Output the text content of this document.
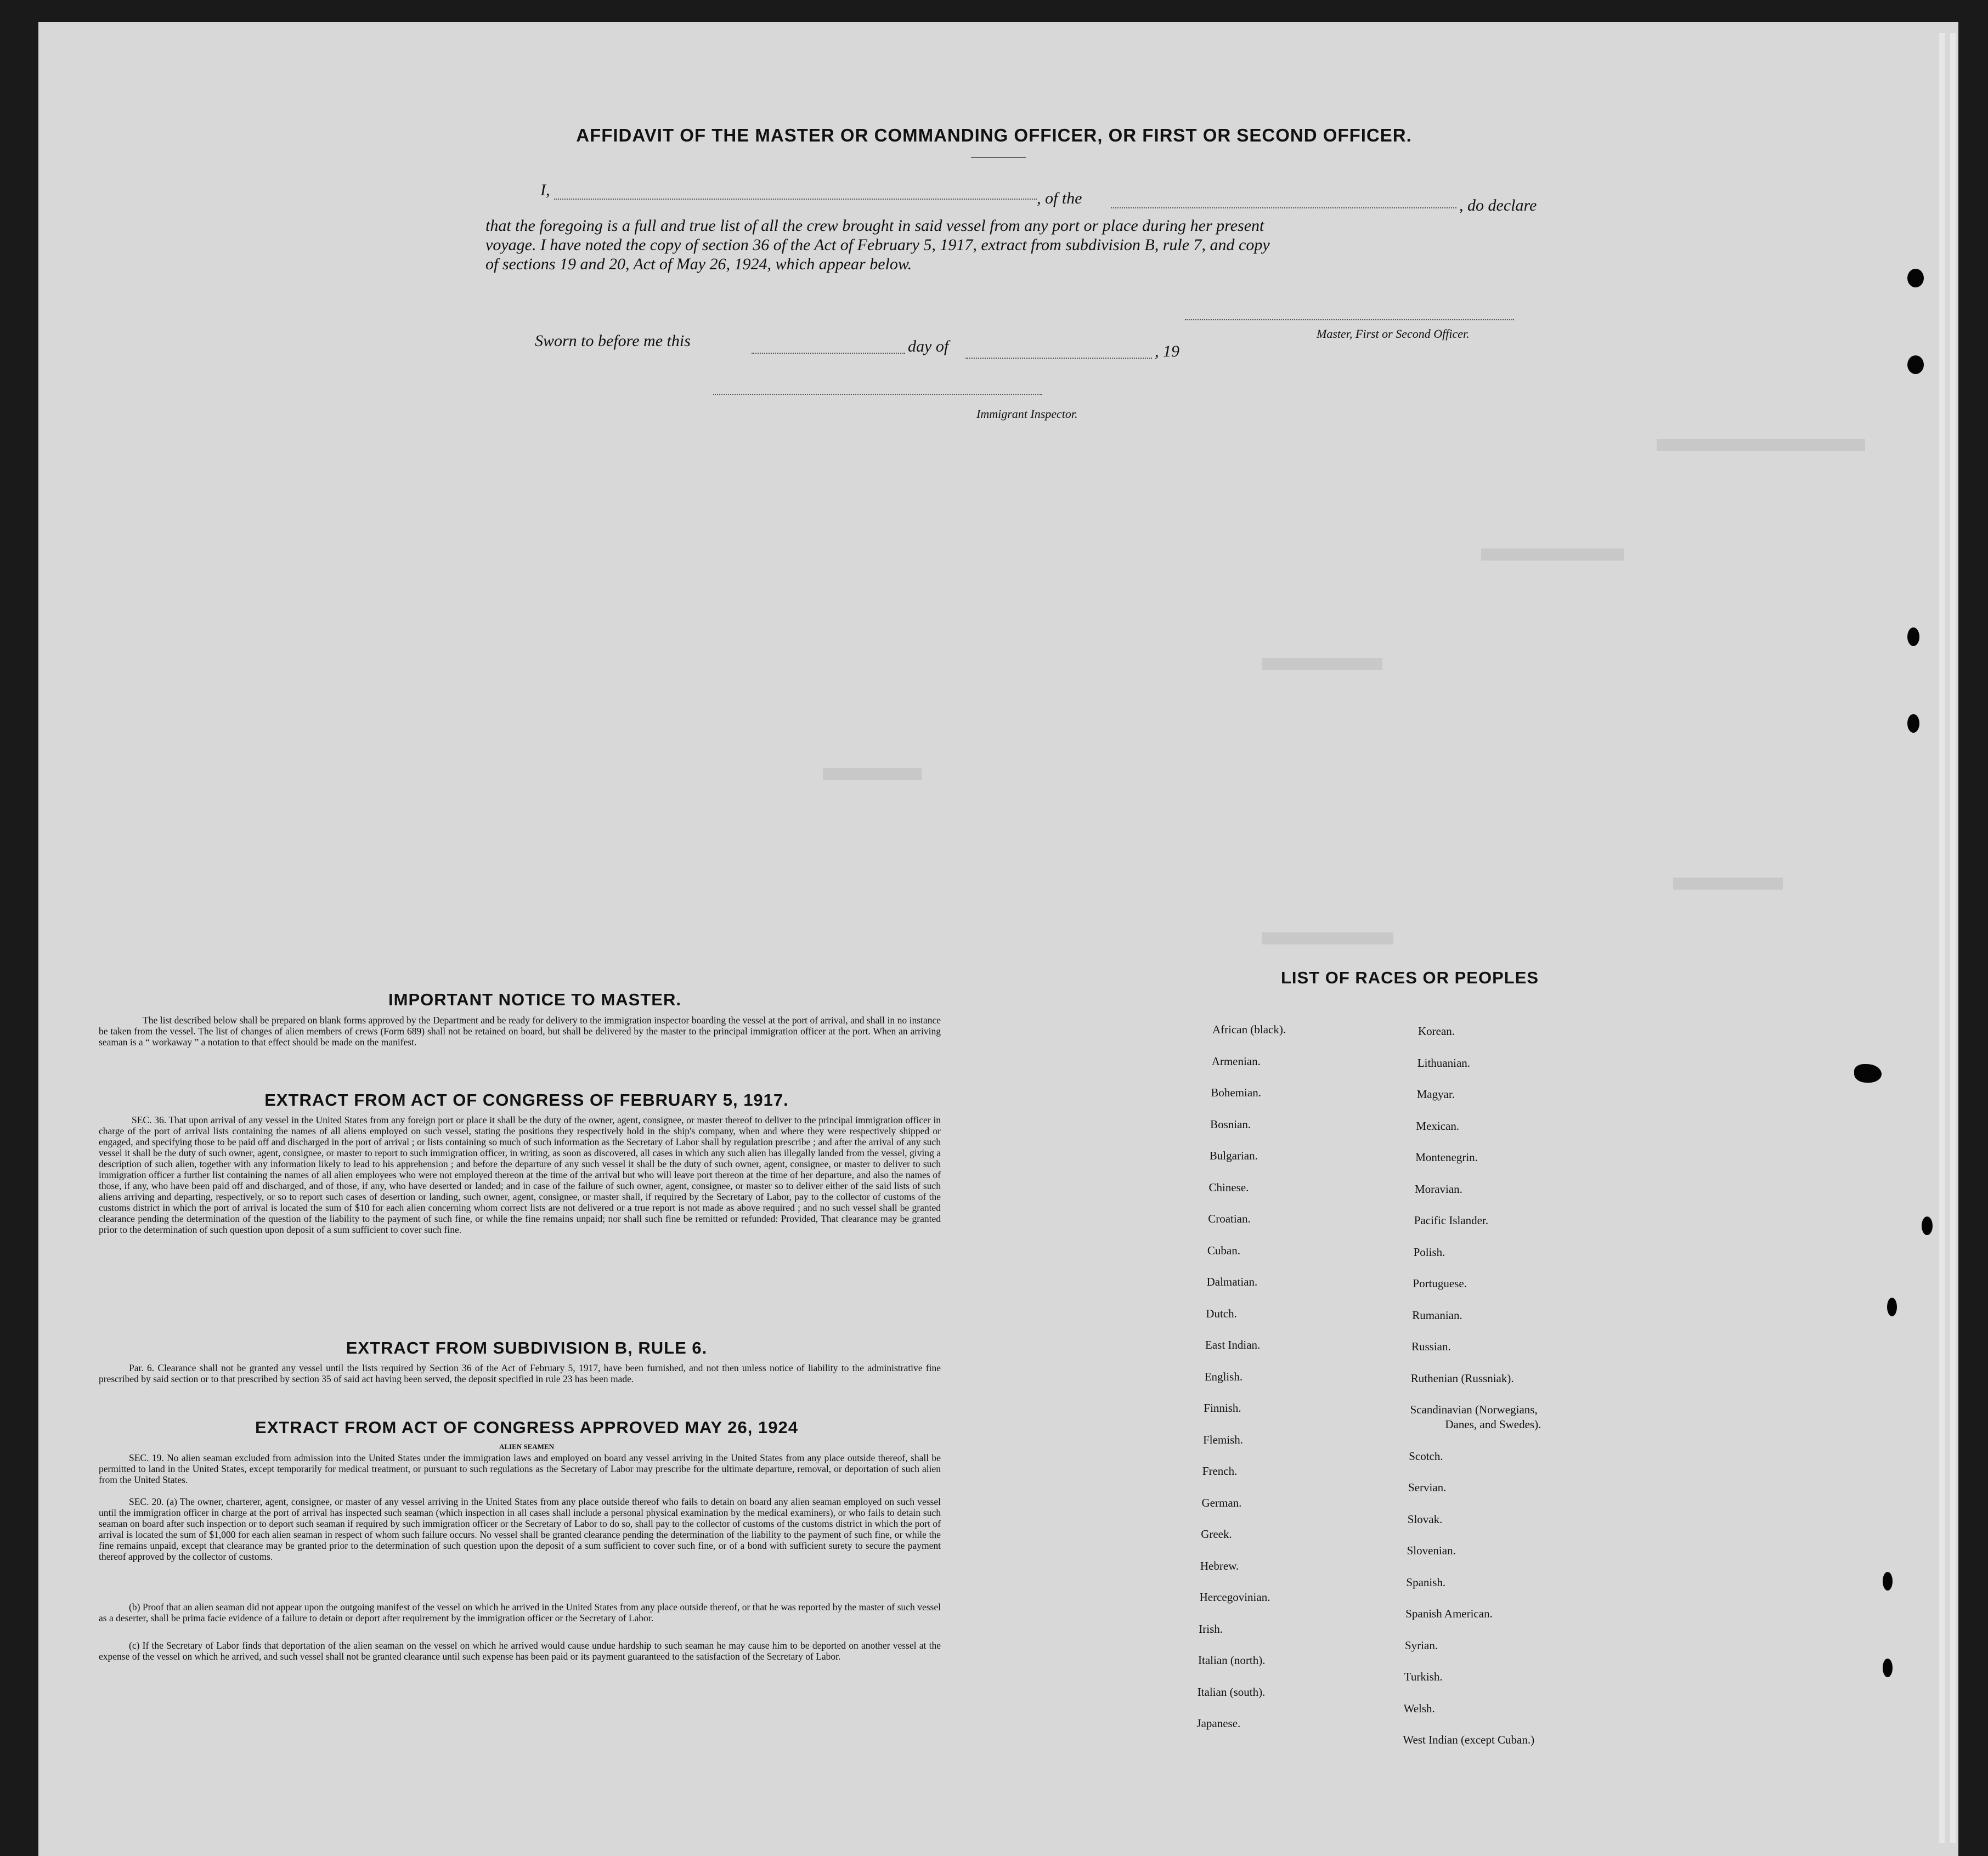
AFFIDAVIT OF THE MASTER OR COMMANDING OFFICER, OR FIRST OR SECOND OFFICER.
I,	, of the	, do declare
that the foregoing is a full and true list of all the crew brought in said vessel from any port or place during her present
voyage. I have noted the copy of section 36 of the Act of February 5, 1917, extract from subdivision B, rule 7, and copy
of sections 19 and 20, Act of May 26, 1924, which appear below.
Master, First or Second Officer.
Sworn to before me this	day of	, 19
Immigrant Inspector.
IMPORTANT NOTICE TO MASTER.
The list described below shall be prepared on blank forms approved by the Department and be ready for delivery to the immigration inspector boarding the vessel at the port of arrival, and shall in no instance be taken from the vessel. The list of changes of alien members of crews (Form 689) shall not be retained on board, but shall be delivered by the master to the principal immigration officer at the port. When an arriving seaman is a “ workaway ” a notation to that effect should be made on the manifest.
EXTRACT FROM ACT OF CONGRESS OF FEBRUARY 5, 1917.
SEC. 36. That upon arrival of any vessel in the United States from any foreign port or place it shall be the duty of the owner, agent, consignee, or master thereof to deliver to the principal immigration officer in charge of the port of arrival lists containing the names of all aliens employed on such vessel, stating the positions they respectively hold in the ship's company, when and where they were respectively shipped or engaged, and specifying those to be paid off and discharged in the port of arrival ; or lists containing so much of such information as the Secretary of Labor shall by regulation prescribe ; and after the arrival of any such vessel it shall be the duty of such owner, agent, consignee, or master to report to such immigration officer, in writing, as soon as discovered, all cases in which any such alien has illegally landed from the vessel, giving a description of such alien, together with any information likely to lead to his apprehension ; and before the departure of any such vessel it shall be the duty of such owner, agent, consignee, or master to deliver to such immigration officer a further list containing the names of all alien employees who were not employed thereon at the time of the arrival but who will leave port thereon at the time of her departure, and also the names of those, if any, who have been paid off and discharged, and of those, if any, who have deserted or landed; and in case of the failure of such owner, agent, consignee, or master so to deliver either of the said lists of such aliens arriving and departing, respectively, or so to report such cases of desertion or landing, such owner, agent, consignee, or master shall, if required by the Secretary of Labor, pay to the collector of customs of the customs district in which the port of arrival is located the sum of $10 for each alien concerning whom correct lists are not delivered or a true report is not made as above required ; and no such vessel shall be granted clearance pending the determination of the question of the liability to the payment of such fine, or while the fine remains unpaid; nor shall such fine be remitted or refunded: Provided, That clearance may be granted prior to the determination of such question upon deposit of a sum sufficient to cover such fine.
EXTRACT FROM SUBDIVISION B, RULE 6.
Par. 6. Clearance shall not be granted any vessel until the lists required by Section 36 of the Act of February 5, 1917, have been furnished, and not then unless notice of liability to the administrative fine prescribed by said section or to that prescribed by section 35 of said act having been served, the deposit specified in rule 23 has been made.
EXTRACT FROM ACT OF CONGRESS APPROVED MAY 26, 1924
ALIEN SEAMEN
SEC. 19. No alien seaman excluded from admission into the United States under the immigration laws and employed on board any vessel arriving in the United States from any place outside thereof, shall be permitted to land in the United States, except temporarily for medical treatment, or pursuant to such regulations as the Secretary of Labor may prescribe for the ultimate departure, removal, or deportation of such alien from the United States.
SEC. 20. (a) The owner, charterer, agent, consignee, or master of any vessel arriving in the United States from any place outside thereof who fails to detain on board any alien seaman employed on such vessel until the immigration officer in charge at the port of arrival has inspected such seaman (which inspection in all cases shall include a personal physical examination by the medical examiners), or who fails to detain such seaman on board after such inspection or to deport such seaman if required by such immigration officer or the Secretary of Labor to do so, shall pay to the collector of customs of the customs district in which the port of arrival is located the sum of $1,000 for each alien seaman in respect of whom such failure occurs. No vessel shall be granted clearance pending the determination of the liability to the payment of such fine, or while the fine remains unpaid, except that clearance may be granted prior to the determination of such question upon the deposit of a sum sufficient to cover such fine, or of a bond with sufficient surety to secure the payment thereof approved by the collector of customs.
(b) Proof that an alien seaman did not appear upon the outgoing manifest of the vessel on which he arrived in the United States from any place outside thereof, or that he was reported by the master of such vessel as a deserter, shall be prima facie evidence of a failure to detain or deport after requirement by the immigration officer or the Secretary of Labor.
(c) If the Secretary of Labor finds that deportation of the alien seaman on the vessel on which he arrived would cause undue hardship to such seaman he may cause him to be deported on another vessel at the expense of the vessel on which he arrived, and such vessel shall not be granted clearance until such expense has been paid or its payment guaranteed to the satisfaction of the Secretary of Labor.
LIST OF RACES OR PEOPLES
African (black).
Armenian.
Bohemian.
Bosnian.
Bulgarian.
Chinese.
Croatian.
Cuban.
Dalmatian.
Dutch.
East Indian.
English.
Finnish.
Flemish.
French.
German.
Greek.
Hebrew.
Hercegovinian.
Irish.
Italian (north).
Italian (south).
Japanese.
Korean.
Lithuanian.
Magyar.
Mexican.
Montenegrin.
Moravian.
Pacific Islander.
Polish.
Portuguese.
Rumanian.
Russian.
Ruthenian (Russniak).
Scandinavian (Norwegians,
Danes, and Swedes).
Scotch.
Servian.
Slovak.
Slovenian.
Spanish.
Spanish American.
Syrian.
Turkish.
Welsh.
West Indian (except Cuban.)
